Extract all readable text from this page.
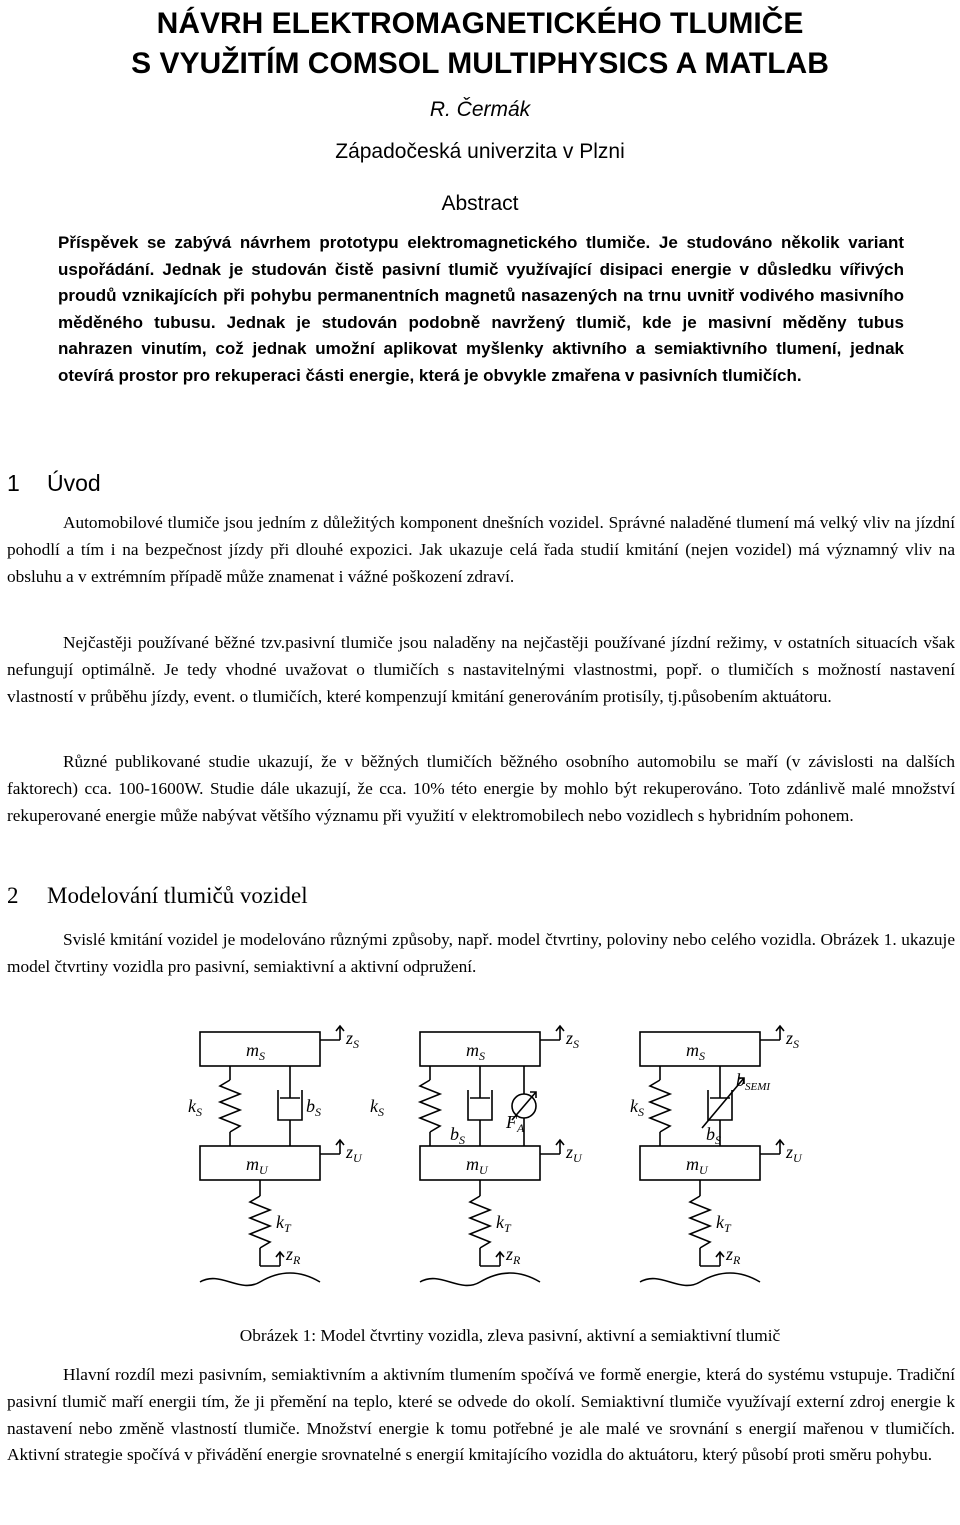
NÁVRH ELEKTROMAGNETICKÉHO TLUMIČE
S VYUŽITÍM COMSOL MULTIPHYSICS A MATLAB
R. Čermák
Západočeská univerzita v Plzni
Abstract
Příspěvek se zabývá návrhem prototypu elektromagnetického tlumiče. Je studováno několik variant uspořádání. Jednak je studován čistě pasivní tlumič využívající disipaci energie v důsledku vířivých proudů vznikajících při pohybu permanentních magnetů nasazených na trnu uvnitř vodivého masivního měděného tubusu. Jednak je studován podobně navržený tlumič, kde je masivní měděny tubus nahrazen vinutím, což jednak umožní aplikovat myšlenky aktivního a semiaktivního tlumení, jednak otevírá prostor pro rekuperaci části energie, která je obvykle zmařena v pasivních tlumičích.
1 Úvod
Automobilové tlumiče jsou jedním z důležitých komponent dnešních vozidel. Správné naladěné tlumení má velký vliv na jízdní pohodlí a tím i na bezpečnost jízdy při dlouhé expozici. Jak ukazuje celá řada studií kmitání (nejen vozidel) má významný vliv na obsluhu a v extrémním případě může znamenat i vážné poškození zdraví.
Nejčastěji používané běžné tzv.pasivní tlumiče jsou naladěny na nejčastěji používané jízdní režimy, v ostatních situacích však nefungují optimálně. Je tedy vhodné uvažovat o tlumičích s nastavitelnými vlastnostmi, popř. o tlumičích s možností nastavení vlastností v průběhu jízdy, event. o tlumičích, které kompenzují kmitání generováním protisíly, tj.působením aktuátoru.
Různé publikované studie ukazují, že v běžných tlumičích běžného osobního automobilu se maří (v závislosti na dalších faktorech) cca. 100-1600W. Studie dále ukazují, že cca. 10% této energie by mohlo být rekuperováno. Toto zdánlivě malé množství rekuperované energie může nabývat většího významu při využití v elektromobilech nebo vozidlech s hybridním pohonem.
2 Modelování tlumičů vozidel
Svislé kmitání vozidel je modelováno různými způsoby, např. model čtvrtiny, poloviny nebo celého vozidla. Obrázek 1. ukazuje model čtvrtiny vozidla pro pasivní, semiaktivní a aktivní odpružení.
$m_S$
$z_S$
$k_S$	$b_S$
$m_U$
$z_U$
$k_T$
$z_R$
$m_S$
$z_S$
$k_S$
$b_S$
$F_A$
$m_U$
$z_U$
$k_T$
$z_R$
$m_S$
$z_S$
$b_{SEMI}$
$k_S$
$b_S$
$m_U$
$z_U$
$k_T$
$z_R$
Obrázek 1: Model čtvrtiny vozidla, zleva pasivní, aktivní a semiaktivní tlumič
Hlavní rozdíl mezi pasivním, semiaktivním a aktivním tlumením spočívá ve formě energie, která do systému vstupuje. Tradiční pasivní tlumič maří energii tím, že ji přemění na teplo, které se odvede do okolí. Semiaktivní tlumiče využívají externí zdroj energie k nastavení nebo změně vlastností tlumiče. Množství energie k tomu potřebné je ale malé ve srovnání s energií mařenou v tlumičích. Aktivní strategie spočívá v přivádění energie srovnatelné s energií kmitajícího vozidla do aktuátoru, který působí proti směru pohybu.
